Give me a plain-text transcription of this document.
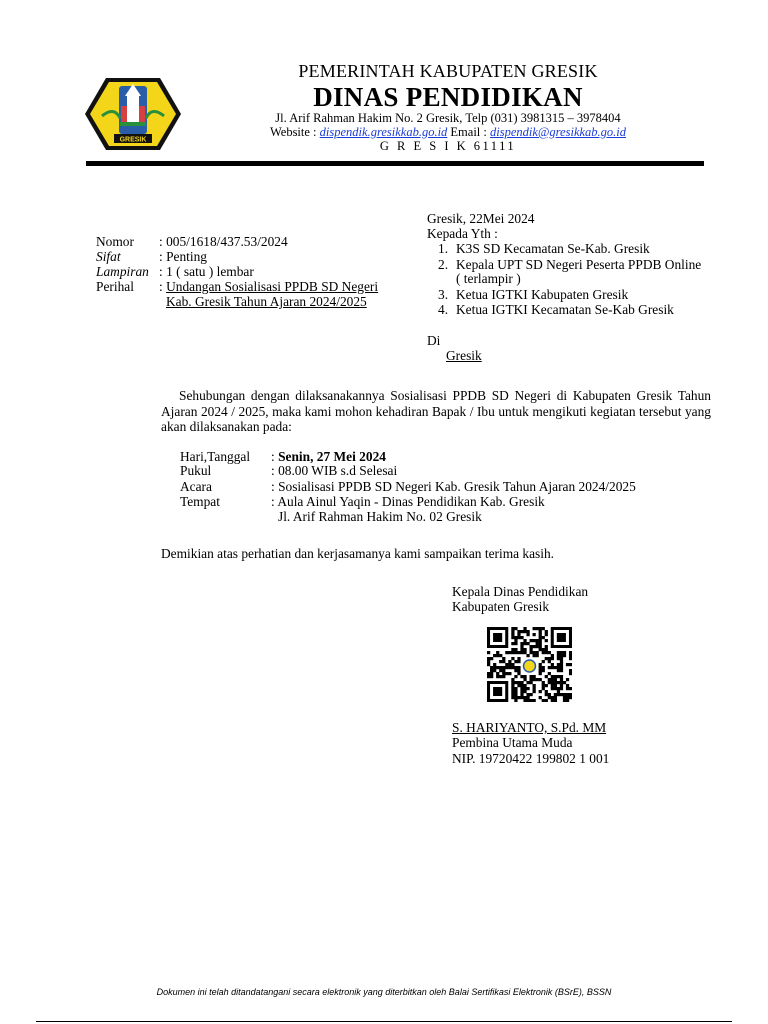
GRESIK
PEMERINTAH KABUPATEN GRESIK
DINAS PENDIDIKAN
Jl. Arif Rahman Hakim No. 2 Gresik, Telp (031) 3981315 – 3978404
Website : dispendik.gresikkab.go.id Email : dispendik@gresikkab.go.id
G R E S I K 61111
Nomor : 005/1618/437.53/2024
Sifat	: Penting
Lampiran : 1 ( satu ) lembar
Perihal : Undangan Sosialisasi PPDB SD Negeri
Kab. Gresik Tahun Ajaran 2024/2025
Gresik, 22Mei 2024
Kepada Yth :
1. K3S SD Kecamatan Se-Kab. Gresik
2. Kepala UPT SD Negeri Peserta PPDB Online
( terlampir )
3. Ketua IGTKI Kabupaten Gresik
4. Ketua IGTKI Kecamatan Se-Kab Gresik
Di
Gresik
Sehubungan dengan dilaksanakannya Sosialisasi PPDB SD Negeri di Kabupaten Gresik Tahun Ajaran 2024 / 2025, maka kami mohon kehadiran Bapak / Ibu untuk mengikuti kegiatan tersebut yang akan dilaksanakan pada:
Hari,Tanggal : Senin, 27 Mei 2024
Pukul	: 08.00 WIB s.d Selesai
Acara	: Sosialisasi PPDB SD Negeri Kab. Gresik Tahun Ajaran 2024/2025
Tempat	: Aula Ainul Yaqin - Dinas Pendidikan Kab. Gresik
Jl. Arif Rahman Hakim No. 02 Gresik
Demikian atas perhatian dan kerjasamanya kami sampaikan terima kasih.
Kepala Dinas Pendidikan
Kabupaten Gresik
S. HARIYANTO, S.Pd. MM
Pembina Utama Muda
NIP. 19720422 199802 1 001
Dokumen ini telah ditandatangani secara elektronik yang diterbitkan oleh Balai Sertifikasi Elektronik (BSrE), BSSN
